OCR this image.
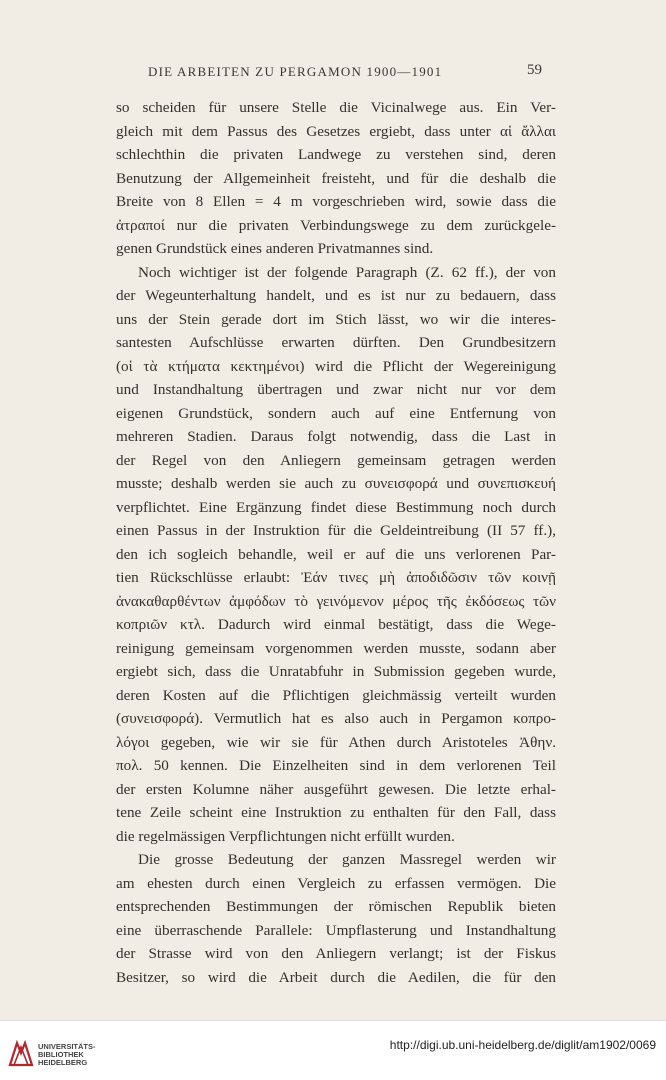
DIE ARBEITEN ZU PERGAMON 1900—1901	59
so scheiden für unsere Stelle die Vicinalwege aus. Ein Ver-
gleich mit dem Passus des Gesetzes ergiebt, dass unter αἱ ἄλλαι
schlechthin die privaten Landwege zu verstehen sind, deren
Benutzung der Allgemeinheit freisteht, und für die deshalb die
Breite von 8 Ellen = 4 m vorgeschrieben wird, sowie dass die
ἀτραποί nur die privaten Verbindungswege zu dem zurückgele-
genen Grundstück eines anderen Privatmannes sind.
Noch wichtiger ist der folgende Paragraph (Z. 62 ff.), der von
der Wegeunterhaltung handelt, und es ist nur zu bedauern, dass
uns der Stein gerade dort im Stich lässt, wo wir die interes-
santesten Aufschlüsse erwarten dürften. Den Grundbesitzern
(οἱ τὰ κτήματα κεκτημένοι) wird die Pflicht der Wegereinigung
und Instandhaltung übertragen und zwar nicht nur vor dem
eigenen Grundstück, sondern auch auf eine Entfernung von
mehreren Stadien. Daraus folgt notwendig, dass die Last in
der Regel von den Anliegern gemeinsam getragen werden
musste; deshalb werden sie auch zu συνεισφορά und συνεπισκευή
verpflichtet. Eine Ergänzung findet diese Bestimmung noch durch
einen Passus in der Instruktion für die Geldeintreibung (II 57 ff.),
den ich sogleich behandle, weil er auf die uns verlorenen Par-
tien Rückschlüsse erlaubt: Ἐάν τινες μὴ ἀποδιδῶσιν τῶν κοινῇ
ἀνακαθαρθέντων ἀμφόδων τὸ γεινόμενον μέρος τῆς ἐκδόσεως τῶν
κοπριῶν κτλ. Dadurch wird einmal bestätigt, dass die Wege-
reinigung gemeinsam vorgenommen werden musste, sodann aber
ergiebt sich, dass die Unratabfuhr in Submission gegeben wurde,
deren Kosten auf die Pflichtigen gleichmässig verteilt wurden
(συνεισφορά). Vermutlich hat es also auch in Pergamon κοπρο-
λόγοι gegeben, wie wir sie für Athen durch Aristoteles Ἀθην.
πολ. 50 kennen. Die Einzelheiten sind in dem verlorenen Teil
der ersten Kolumne näher ausgeführt gewesen. Die letzte erhal-
tene Zeile scheint eine Instruktion zu enthalten für den Fall, dass
die regelmässigen Verpflichtungen nicht erfüllt wurden.
Die grosse Bedeutung der ganzen Massregel werden wir
am ehesten durch einen Vergleich zu erfassen vermögen. Die
entsprechenden Bestimmungen der römischen Republik bieten
eine überraschende Parallele: Umpflasterung und Instandhaltung
der Strasse wird von den Anliegern verlangt; ist der Fiskus
Besitzer, so wird die Arbeit durch die Aedilen, die für den
UNIVERSITÄTS-
BIBLIOTHEK
HEIDELBERG
http://digi.ub.uni-heidelberg.de/diglit/am1902/0069
